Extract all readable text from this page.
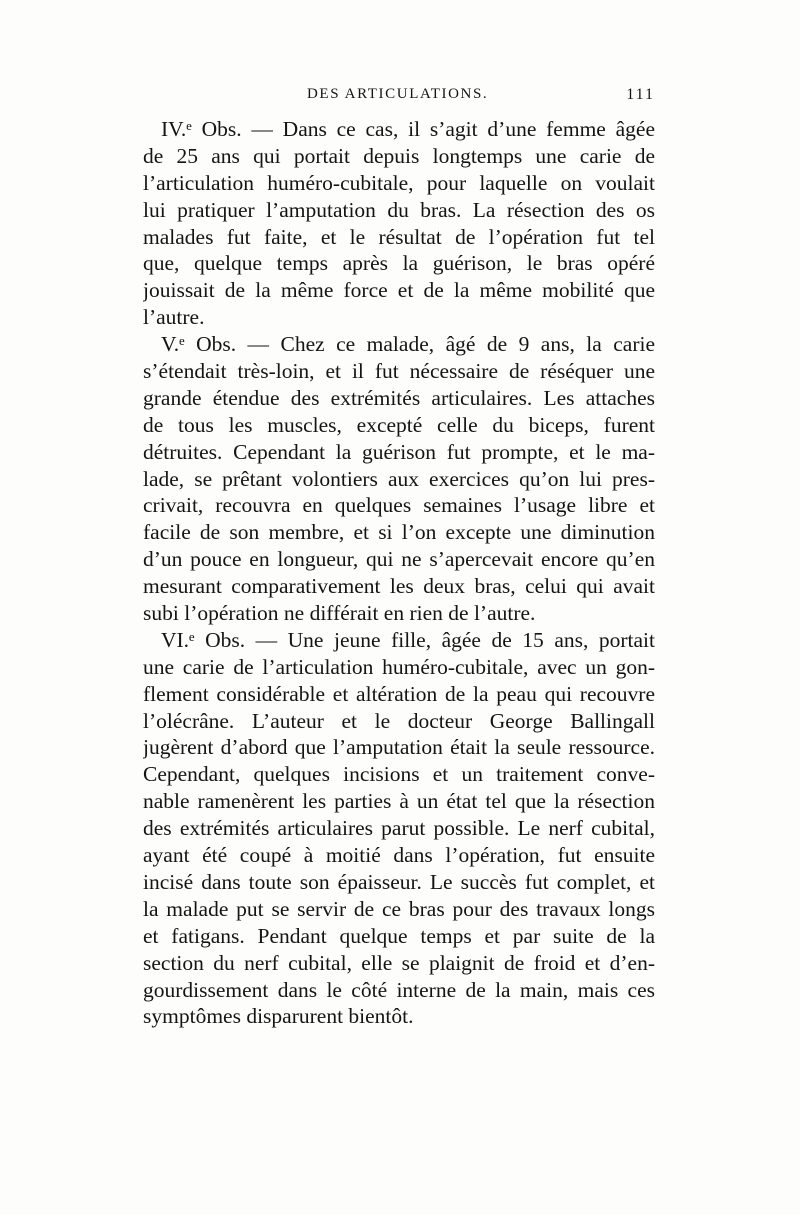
DES ARTICULATIONS.	111
IV.ᵉ Obs. — Dans ce cas, il s’agit d’une femme âgée
de 25 ans qui portait depuis longtemps une carie de
l’articulation huméro-cubitale, pour laquelle on voulait
lui pratiquer l’amputation du bras. La résection des os
malades fut faite, et le résultat de l’opération fut tel
que, quelque temps après la guérison, le bras opéré
jouissait de la même force et de la même mobilité que
l’autre.
V.ᵉ Obs. — Chez ce malade, âgé de 9 ans, la carie
s’étendait très-loin, et il fut nécessaire de réséquer une
grande étendue des extrémités articulaires. Les attaches
de tous les muscles, excepté celle du biceps, furent
détruites. Cependant la guérison fut prompte, et le ma-
lade, se prêtant volontiers aux exercices qu’on lui pres-
crivait, recouvra en quelques semaines l’usage libre et
facile de son membre, et si l’on excepte une diminution
d’un pouce en longueur, qui ne s’apercevait encore qu’en
mesurant comparativement les deux bras, celui qui avait
subi l’opération ne différait en rien de l’autre.
VI.ᵉ Obs. — Une jeune fille, âgée de 15 ans, portait
une carie de l’articulation huméro-cubitale, avec un gon-
flement considérable et altération de la peau qui recouvre
l’olécrâne. L’auteur et le docteur George Ballingall
jugèrent d’abord que l’amputation était la seule ressource.
Cependant, quelques incisions et un traitement conve-
nable ramenèrent les parties à un état tel que la résection
des extrémités articulaires parut possible. Le nerf cubital,
ayant été coupé à moitié dans l’opération, fut ensuite
incisé dans toute son épaisseur. Le succès fut complet, et
la malade put se servir de ce bras pour des travaux longs
et fatigans. Pendant quelque temps et par suite de la
section du nerf cubital, elle se plaignit de froid et d’en-
gourdissement dans le côté interne de la main, mais ces
symptômes disparurent bientôt.
